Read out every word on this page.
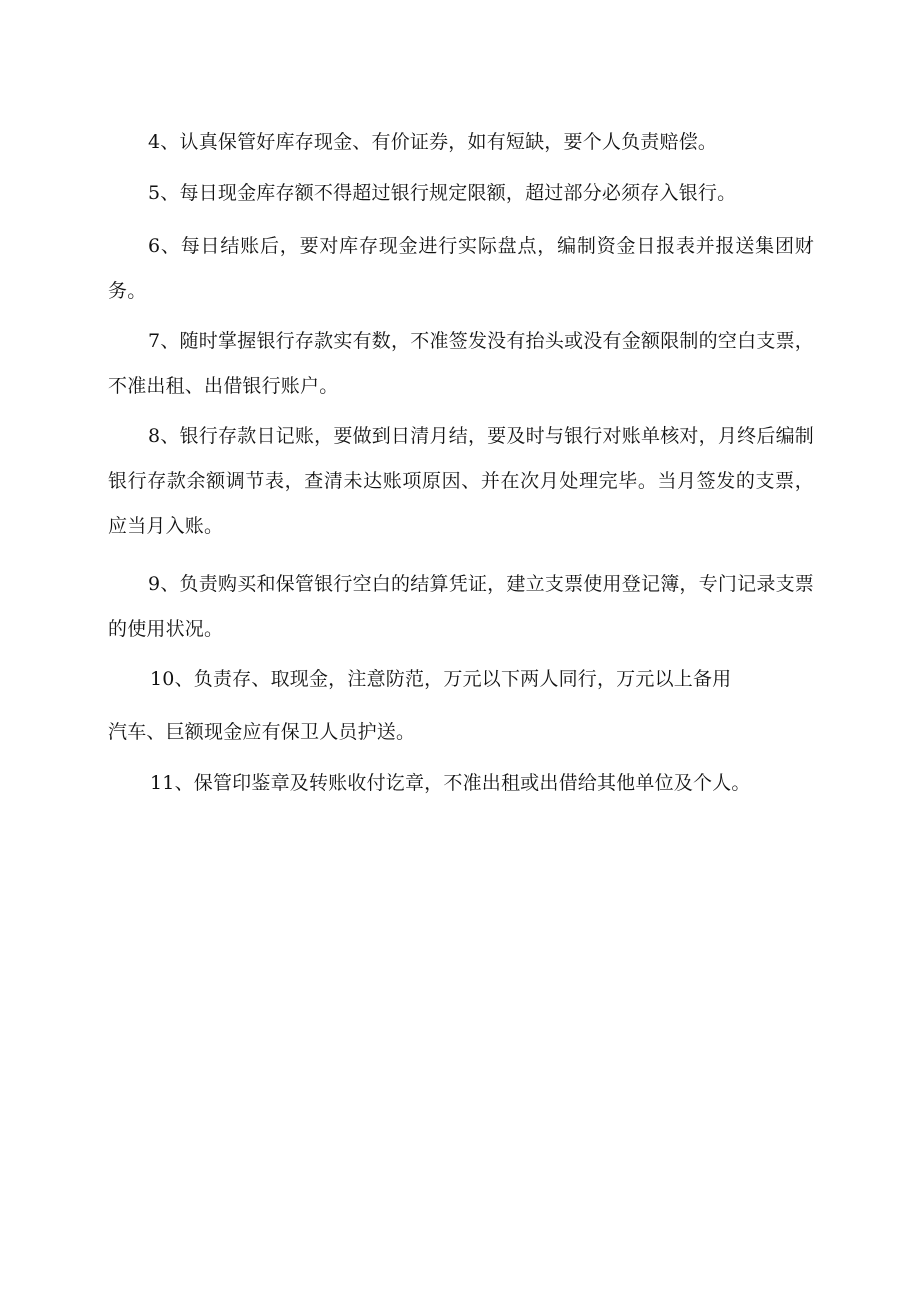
4、认真保管好库存现金、有价证券，如有短缺，要个人负责赔偿。

5、每日现金库存额不得超过银行规定限额，超过部分必须存入银行。

6、每日结账后，要对库存现金进行实际盘点，编制资金日报表并报送集团财务。

7、随时掌握银行存款实有数，不准签发没有抬头或没有金额限制的空白支票，不准出租、出借银行账户。

8、银行存款日记账，要做到日清月结，要及时与银行对账单核对，月终后编制银行存款余额调节表，查清未达账项原因、并在次月处理完毕。当月签发的支票，应当月入账。

9、负责购买和保管银行空白的结算凭证，建立支票使用登记簿，专门记录支票的使用状况。

10、负责存、取现金，注意防范，万元以下两人同行，万元以上备用

汽车、巨额现金应有保卫人员护送。

11、保管印鉴章及转账收付讫章，不准出租或出借给其他单位及个人。
